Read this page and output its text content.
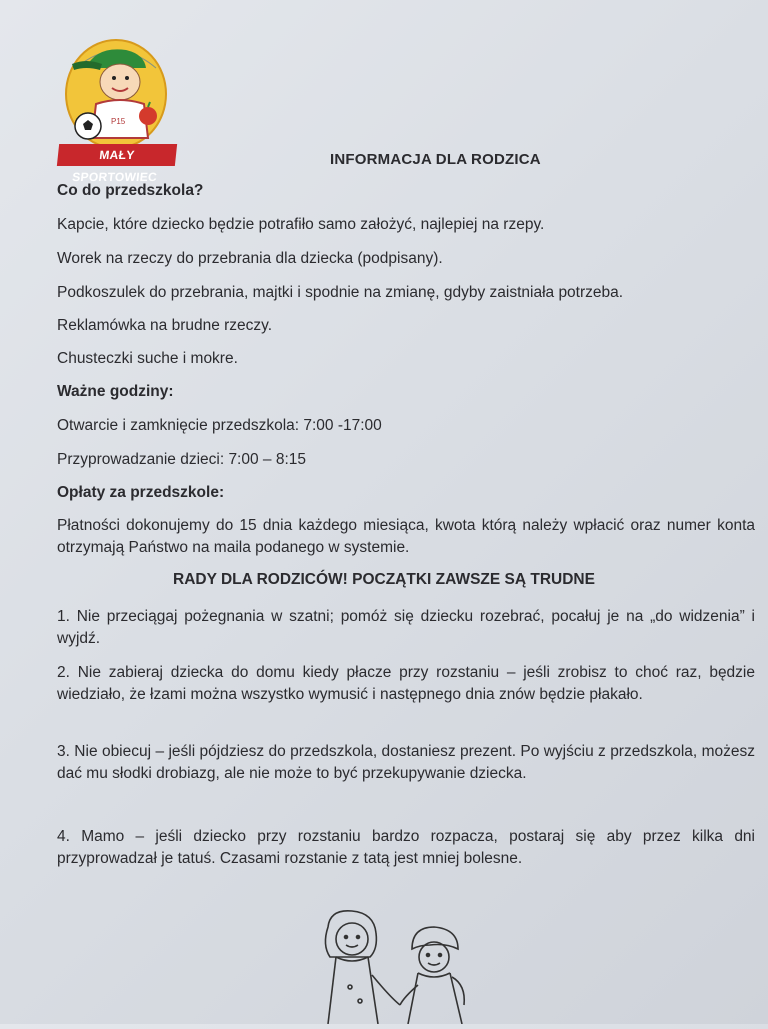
P15
MAŁY SPORTOWIEC
INFORMACJA DLA RODZICA
Co do przedszkola?
Kapcie, które dziecko będzie potrafiło samo założyć, najlepiej na rzepy.
Worek na rzeczy do przebrania dla dziecka (podpisany).
Podkoszulek do przebrania, majtki i spodnie na zmianę, gdyby zaistniała potrzeba.
Reklamówka na brudne rzeczy.
Chusteczki suche i mokre.
Ważne godziny:
Otwarcie i zamknięcie przedszkola: 7:00 -17:00
Przyprowadzanie dzieci: 7:00 – 8:15
Opłaty za przedszkole:
Płatności dokonujemy do 15 dnia każdego miesiąca, kwota którą należy wpłacić oraz numer konta otrzymają Państwo na maila podanego w systemie.
RADY DLA RODZICÓW! POCZĄTKI ZAWSZE SĄ TRUDNE
1. Nie przeciągaj pożegnania w szatni; pomóż się dziecku rozebrać, pocałuj je na „do widzenia” i wyjdź.
2. Nie zabieraj dziecka do domu kiedy płacze przy rozstaniu – jeśli zrobisz to choć raz, będzie wiedziało, że łzami można wszystko wymusić i następnego dnia znów będzie płakało.
3. Nie obiecuj – jeśli pójdziesz do przedszkola, dostaniesz prezent. Po wyjściu z przedszkola, możesz dać mu słodki drobiazg, ale nie może to być przekupywanie dziecka.
4. Mamo – jeśli dziecko przy rozstaniu bardzo rozpacza, postaraj się aby przez kilka dni przyprowadzał je tatuś. Czasami rozstanie z tatą jest mniej bolesne.
